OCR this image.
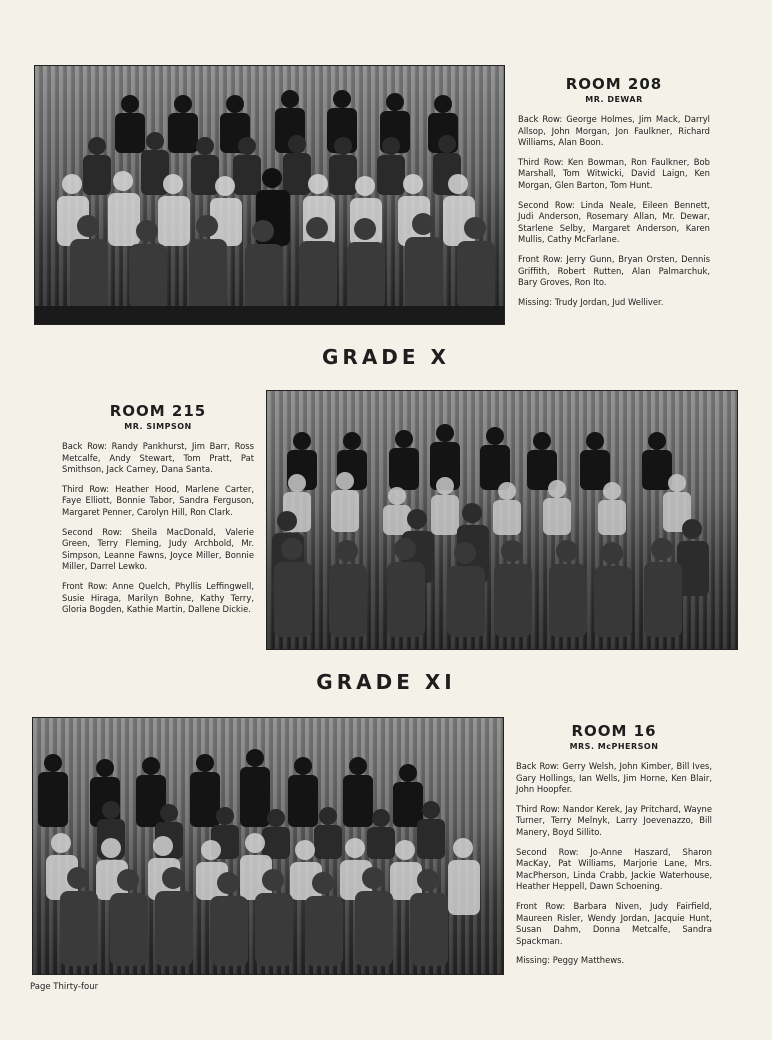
ROOM 208
MR. DEWAR

Back Row: George Holmes, Jim Mack, Darryl Allsop, John Morgan, Jon Faulkner, Richard Williams, Alan Boon.

Third Row: Ken Bowman, Ron Faulkner, Bob Marshall, Tom Witwicki, David Laign, Ken Morgan, Glen Barton, Tom Hunt.

Second Row: Linda Neale, Eileen Bennett, Judi Anderson, Rosemary Allan, Mr. Dewar, Starlene Selby, Margaret Anderson, Karen Mullis, Cathy McFarlane.

Front Row: Jerry Gunn, Bryan Orsten, Dennis Griffith, Robert Rutten, Alan Palmarchuk, Bary Groves, Ron Ito.

Missing: Trudy Jordan, Jud Welliver.

GRADE X
ROOM 215
MR. SIMPSON

Back Row: Randy Pankhurst, Jim Barr, Ross Metcalfe, Andy Stewart, Tom Pratt, Pat Smithson, Jack Carney, Dana Santa.

Third Row: Heather Hood, Marlene Carter, Faye Elliott, Bonnie Tabor, Sandra Ferguson, Margaret Penner, Carolyn Hill, Ron Clark.

Second Row: Sheila MacDonald, Valerie Green, Terry Fleming, Judy Archbold, Mr. Simpson, Leanne Fawns, Joyce Miller, Bonnie Miller, Darrel Lewko.

Front Row: Anne Quelch, Phyllis Leffingwell, Susie Hiraga, Marilyn Bohne, Kathy Terry, Gloria Bogden, Kathie Martin, Dallene Dickie.

GRADE XI
ROOM 16
MRS. McPHERSON

Back Row: Gerry Welsh, John Kimber, Bill Ives, Gary Hollings, Ian Wells, Jim Horne, Ken Blair, John Hoopfer.

Third Row: Nandor Kerek, Jay Pritchard, Wayne Turner, Terry Melnyk, Larry Joevenazzo, Bill Manery, Boyd Sillito.

Second Row: Jo-Anne Haszard, Sharon MacKay, Pat Williams, Marjorie Lane, Mrs. MacPherson, Linda Crabb, Jackie Waterhouse, Heather Heppell, Dawn Schoening.

Front Row: Barbara Niven, Judy Fairfield, Maureen Risler, Wendy Jordan, Jacquie Hunt, Susan Dahm, Donna Metcalfe, Sandra Spackman.

Missing: Peggy Matthews.

Page Thirty-four
